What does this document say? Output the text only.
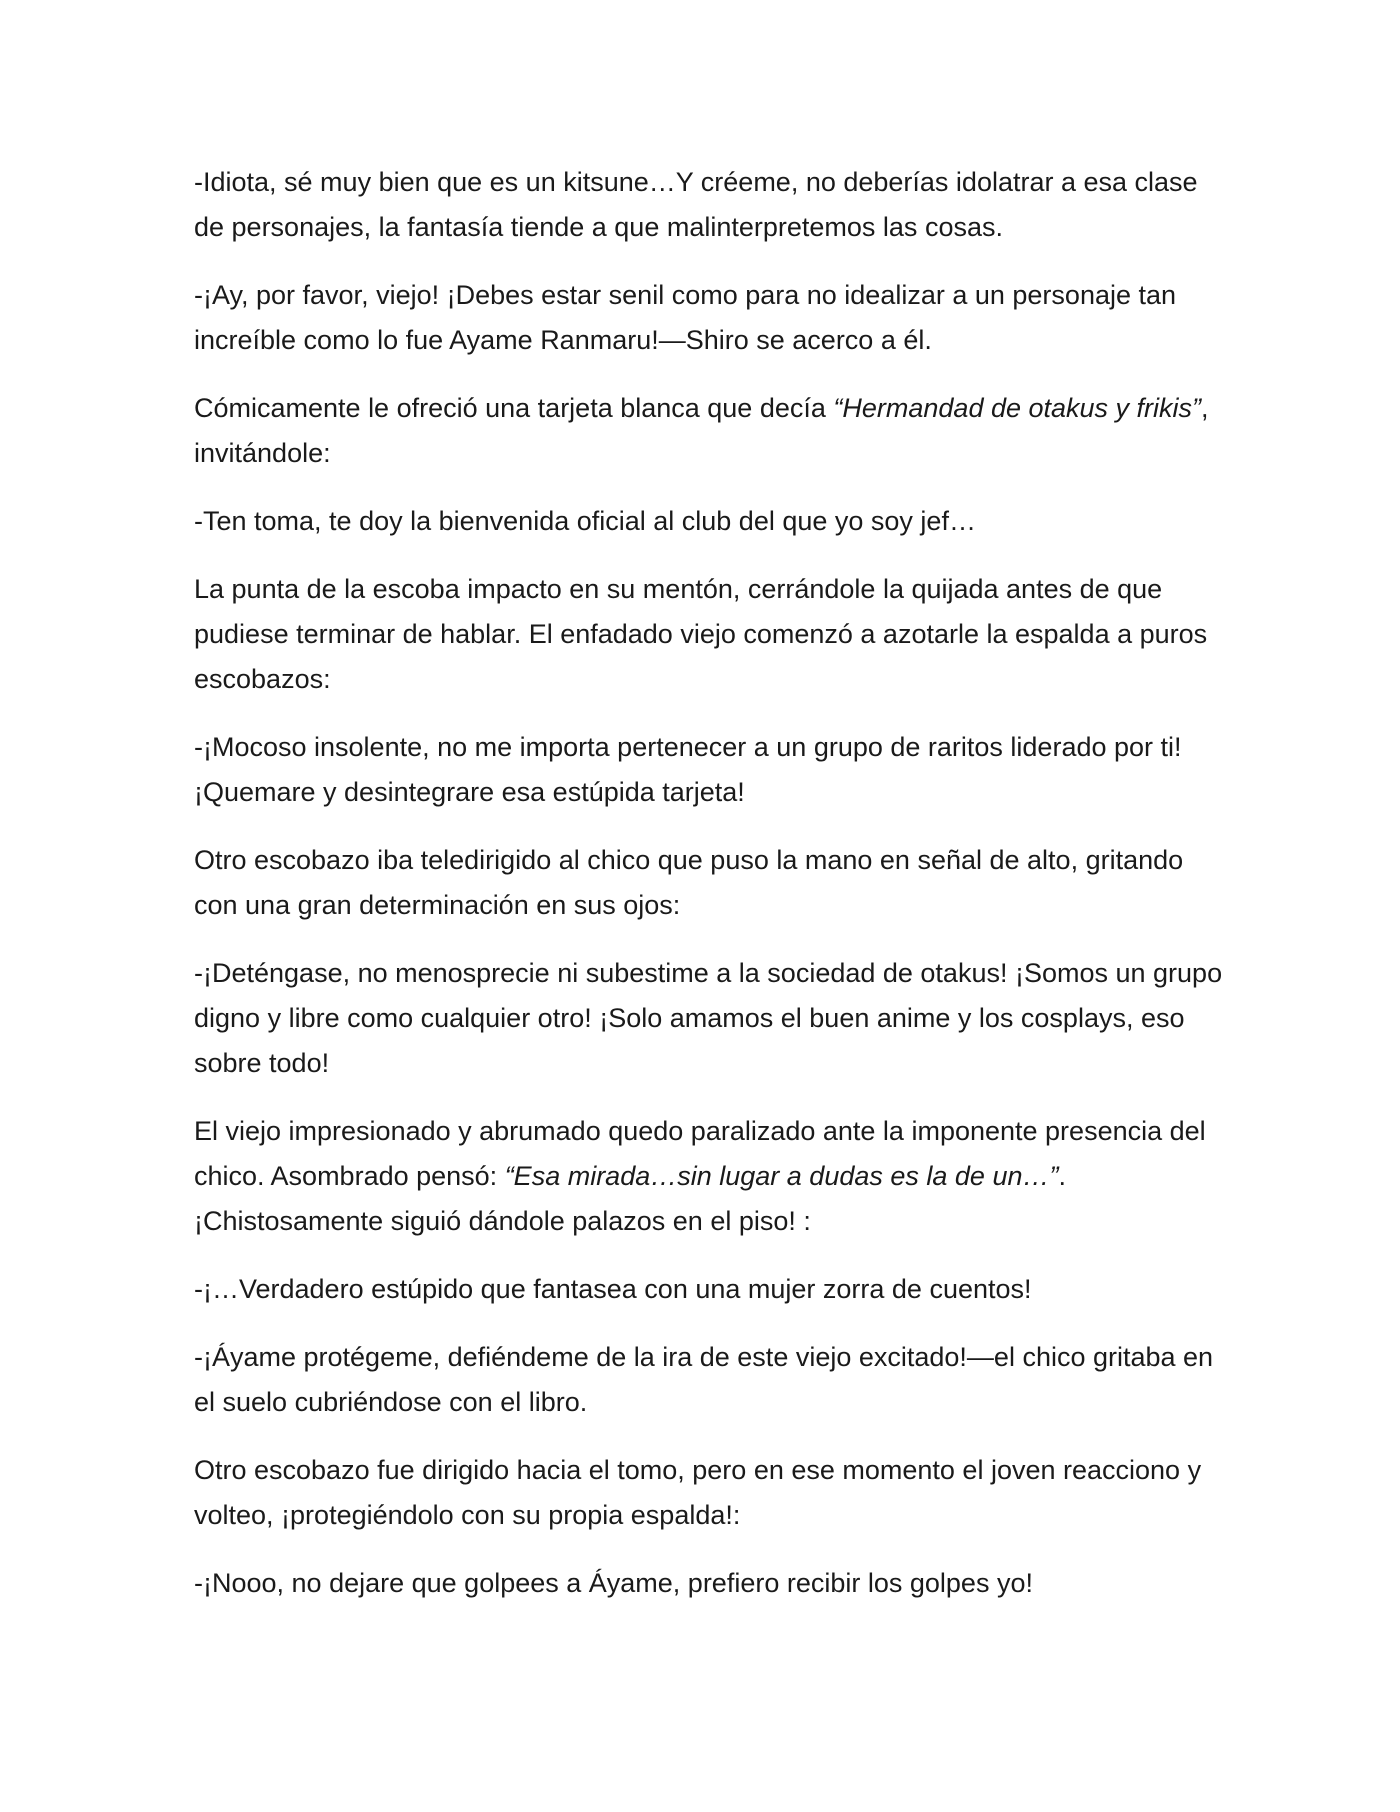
-Idiota, sé muy bien que es un kitsune…Y créeme, no deberías idolatrar a esa clase de personajes, la fantasía tiende a que malinterpretemos las cosas.

-¡Ay, por favor, viejo! ¡Debes estar senil como para no idealizar a un personaje tan increíble como lo fue Ayame Ranmaru!—Shiro se acerco a él.

Cómicamente le ofreció una tarjeta blanca que decía “Hermandad de otakus y frikis”, invitándole:

-Ten toma, te doy la bienvenida oficial al club del que yo soy jef…

La punta de la escoba impacto en su mentón, cerrándole la quijada antes de que pudiese terminar de hablar. El enfadado viejo comenzó a azotarle la espalda a puros escobazos:

-¡Mocoso insolente, no me importa pertenecer a un grupo de raritos liderado por ti! ¡Quemare y desintegrare esa estúpida tarjeta!

Otro escobazo iba teledirigido al chico que puso la mano en señal de alto, gritando con una gran determinación en sus ojos:

-¡Deténgase, no menosprecie ni subestime a la sociedad de otakus! ¡Somos un grupo digno y libre como cualquier otro! ¡Solo amamos el buen anime y los cosplays, eso sobre todo!

El viejo impresionado y abrumado quedo paralizado ante la imponente presencia del chico. Asombrado pensó: “Esa mirada…sin lugar a dudas es la de un…”. ¡Chistosamente siguió dándole palazos en el piso! :

-¡…Verdadero estúpido que fantasea con una mujer zorra de cuentos!

-¡Áyame protégeme, defiéndeme de la ira de este viejo excitado!—el chico gritaba en el suelo cubriéndose con el libro.

Otro escobazo fue dirigido hacia el tomo, pero en ese momento el joven reacciono y volteo, ¡protegiéndolo con su propia espalda!:

-¡Nooo, no dejare que golpees a Áyame, prefiero recibir los golpes yo!
